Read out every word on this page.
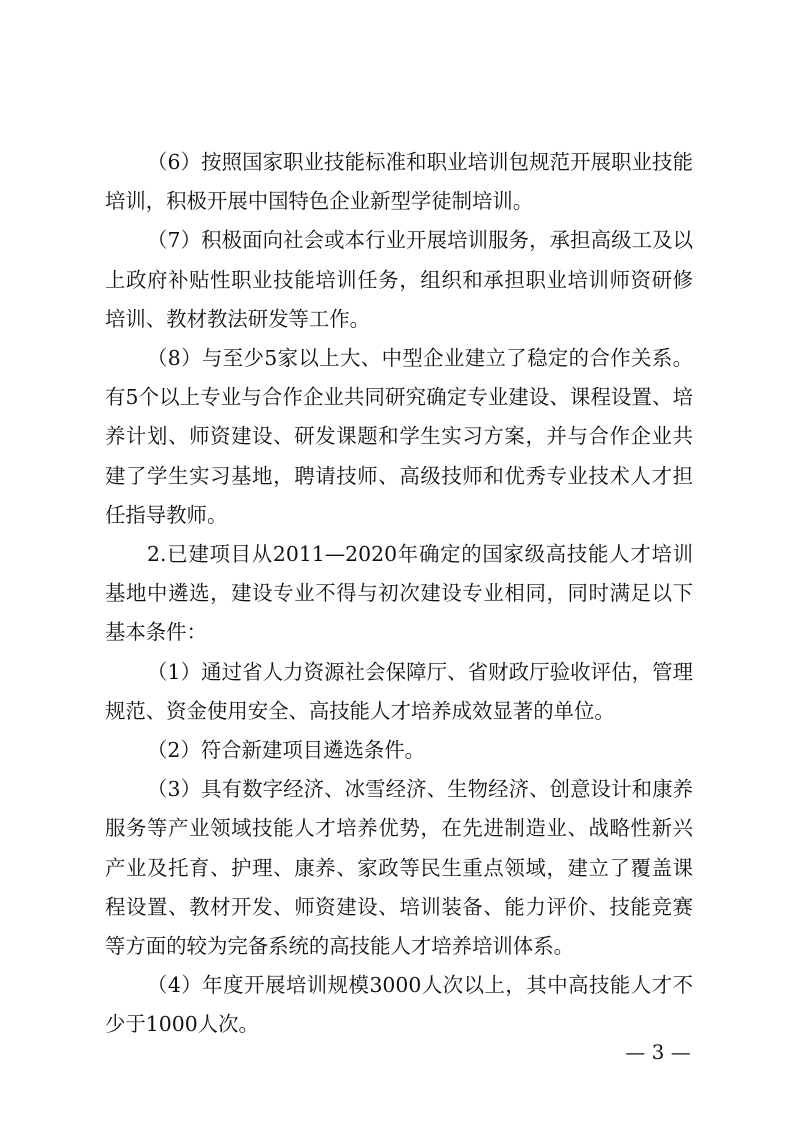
（6）按照国家职业技能标准和职业培训包规范开展职业技能培训，积极开展中国特色企业新型学徒制培训。

（7）积极面向社会或本行业开展培训服务，承担高级工及以上政府补贴性职业技能培训任务，组织和承担职业培训师资研修培训、教材教法研发等工作。

（8）与至少5家以上大、中型企业建立了稳定的合作关系。有5个以上专业与合作企业共同研究确定专业建设、课程设置、培养计划、师资建设、研发课题和学生实习方案，并与合作企业共建了学生实习基地，聘请技师、高级技师和优秀专业技术人才担任指导教师。

2.已建项目从2011—2020年确定的国家级高技能人才培训基地中遴选，建设专业不得与初次建设专业相同，同时满足以下基本条件：

（1）通过省人力资源社会保障厅、省财政厅验收评估，管理规范、资金使用安全、高技能人才培养成效显著的单位。

（2）符合新建项目遴选条件。

（3）具有数字经济、冰雪经济、生物经济、创意设计和康养服务等产业领域技能人才培养优势，在先进制造业、战略性新兴产业及托育、护理、康养、家政等民生重点领域，建立了覆盖课程设置、教材开发、师资建设、培训装备、能力评价、技能竞赛等方面的较为完备系统的高技能人才培养培训体系。

（4）年度开展培训规模3000人次以上，其中高技能人才不少于1000人次。

— 3 —
